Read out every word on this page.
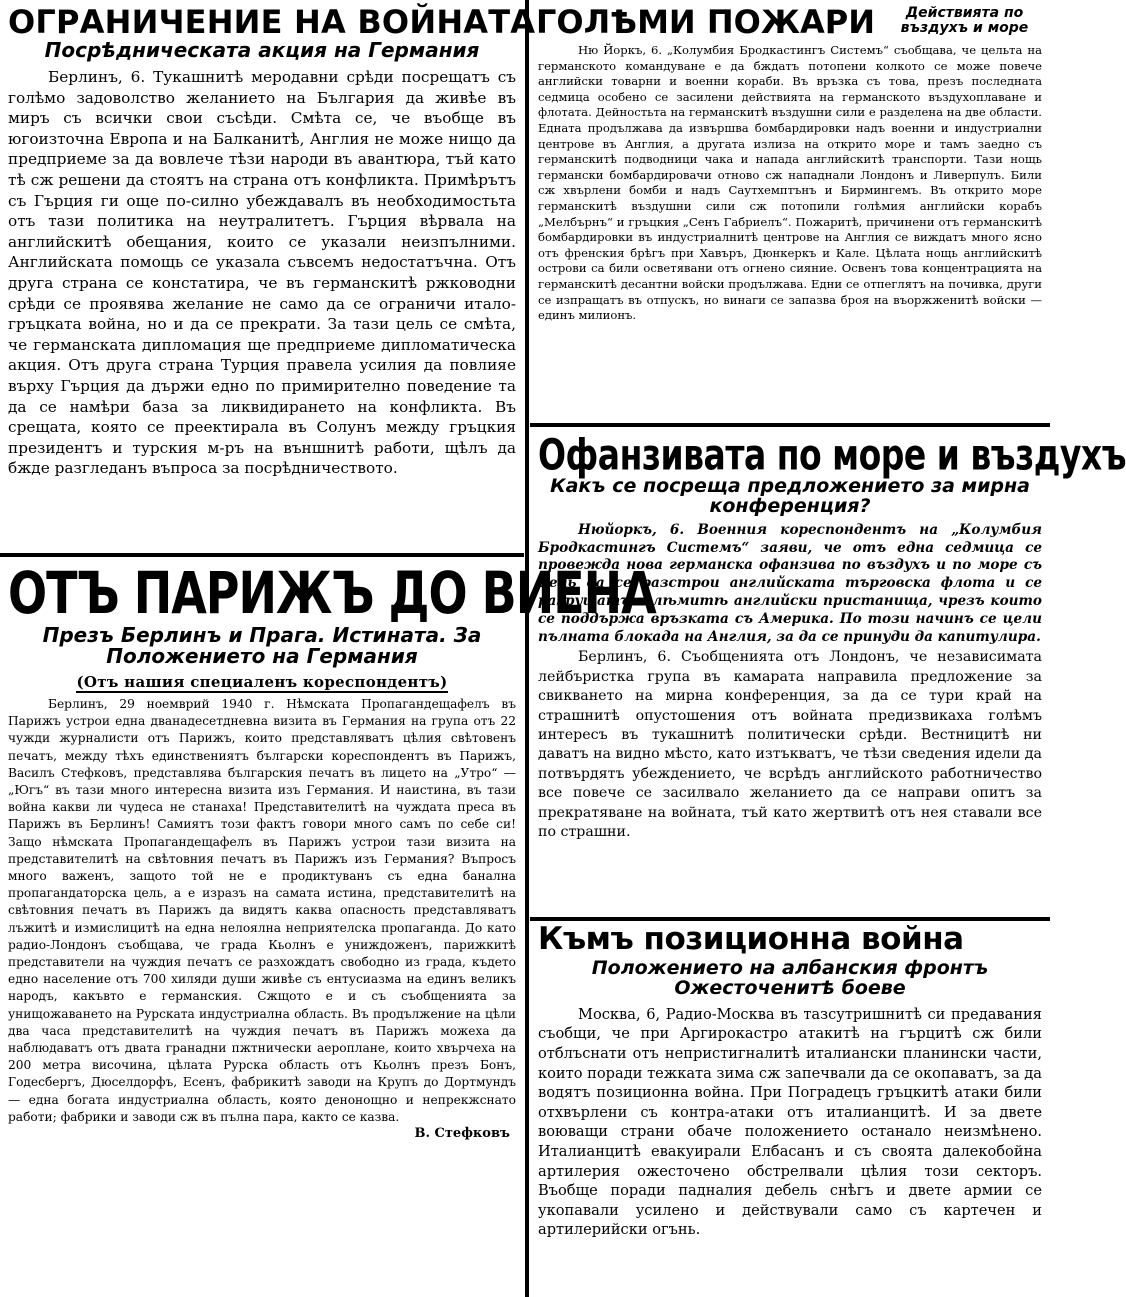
ОГРАНИЧЕНИЕ НА ВОЙНАТА
Посрѣдническата акция на Германия

Берлинъ, 6. Тукашнитѣ меродавни срѣди посрещатъ съ голѣмо задоволство желанието на България да живѣе въ миръ съ всички свои съсѣди. Смѣта се, че въобще въ югоизточна Европа и на Балканитѣ, Англия не може нищо да предприеме за да вовлече тѣзи народи въ авантюра, тъй като тѣ сж решени да стоятъ на страна отъ конфликта. Примѣрътъ съ Гърция ги още по-силно убеждавалъ въ необходимостьта отъ тази политика на неутралитетъ. Гърция вѣрвала на английскитѣ обещания, които се указали неизпълними. Английската помощь се указала съвсемъ недостатъчна. Отъ друга страна се констатира, че въ германскитѣ ржководни срѣди се проявява желание не само да се ограничи итало-гръцката война, но и да се прекрати. За тази цель се смѣта, че германската дипломация ще предприеме дипломатическа акция. Отъ друга страна Турция правела усилия да повлияе върху Гърция да държи едно по примирително поведение та да се намѣри база за ликвидирането на конфликта. Въ срещата, която се преектирала въ Солунъ между гръцкия президентъ и турския м-ръ на външнитѣ работи, щѣлъ да бжде разгледанъ въпроса за посрѣдничеството.

ОТЪ ПАРИЖЪ ДО ВИЕНА
Презъ Берлинъ и Прага. Истината. За Положението на Германия

(Отъ нашия специаленъ кореспондентъ)

Берлинъ, 29 ноемврий 1940 г. Нѣмската Пропагандещафелъ въ Парижъ устрои една дванадесетдневна визита въ Германия на група отъ 22 чужди журналисти отъ Парижъ, които представляватъ цѣлия свѣтовенъ печатъ, между тѣхъ единствениятъ български кореспондентъ въ Парижъ, Василъ Стефковъ, представлява българския печатъ въ лицето на „Утро“ — „Югъ“ въ тази много интересна визита изъ Германия. И наистина, въ тази война какви ли чудеса не станаха! Представителитѣ на чуждата преса въ Парижъ въ Берлинъ! Самиятъ този фактъ говори много самъ по себе си! Защо нѣмската Пропагандещафелъ въ Парижъ устрои тази визита на представителитѣ на свѣтовния печатъ въ Парижъ изъ Германия? Въпросъ много важенъ, защото той не е продиктуванъ съ една банална пропагандаторска цель, а е изразъ на самата истина, представителитѣ на свѣтовния печатъ въ Парижъ да видятъ каква опасность представляватъ лъжитѣ и измислицитѣ на една нелоялна неприятелска пропаганда. До като радио-Лондонъ съобщава, че града Кьолнъ е униждоженъ, парижкитѣ представители на чуждия печатъ се разхождатъ свободно из града, където едно население отъ 700 хиляди души живѣе съ ентусиазма на единъ великъ народъ, какъвто е германския. Сжщото е и съ съобщенията за унищожаването на Рурската индустриална область. Въ продължение на цѣли два часа представителитѣ на чуждия печатъ въ Парижъ можеха да наблюдаватъ отъ двата гранадни пжтнически аероплане, които хвърчеха на 200 метра височина, цѣлата Рурска область отъ Кьолнъ презъ Бонъ, Годесбергъ, Дюселдорфъ, Есенъ, фабрикитѣ заводи на Крупъ до Дортмундъ — една богата индустриална область, която денонощно и непрекжснато работи; фабрики и заводи сж въ пълна пара, както се казва.

В. Стефковъ
ГОЛѢМИ ПОЖАРИ	Действията по въздухъ и море

Ню Йоркъ, 6. „Колумбия Бродкастингъ Системъ“ съобщава, че цельта на германското командуване е да бждатъ потопени колкото се може повече английски товарни и военни кораби. Въ връзка съ това, презъ последната седмица особено се засилени действията на германското въздухоплаване и флотата. Дейностьта на германскитѣ въздушни сили е разделена на две области. Едната продължава да извършва бомбардировки надъ военни и индустриални центрове въ Англия, а другата излиза на открито море и тамъ заедно съ германскитѣ подводници чака и напада английскитѣ транспорти. Тази нощь германски бомбардировачи отново сж нападнали Лондонъ и Ливерпулъ. Били сж хвърлени бомби и надъ Саутхемптънъ и Бирмингемъ. Въ открито море германскитѣ въздушни сили сж потопили голѣмия английски корабъ „Мелбърнъ“ и гръцкия „Сенъ Габриелъ“. Пожаритѣ, причинени отъ германскитѣ бомбардировки въ индустриалнитѣ центрове на Англия се виждатъ много ясно отъ френския брѣгъ при Хавъръ, Дюнкеркъ и Кале. Цѣлата нощь английскитѣ острови са били осветявани отъ огнено сияние. Освенъ това концентрацията на германскитѣ десантни войски продължава. Едни се отпеглятъ на почивка, други се изпращатъ въ отпускъ, но винаги се запазва броя на въоржженитѣ войски — единъ милионъ.

Офанзивата по море и въздухъ
Какъ се посреща предложението за мирна конференция?

Нюйоркъ, 6. Военния кореспондентъ на „Колумбия Бродкастингъ Системъ“ заяви, че отъ една седмица се провежда нова германска офанзива по въздухъ и по море съ цель да се разстрои английската търговска флота и се разрушатъ голѣмитѣ английски пристанища, чрезъ които се поддържа връзката съ Америка. По този начинъ се цели пълната блокада на Англия, за да се принуди да капитулира.

Берлинъ, 6. Съобщенията отъ Лондонъ, че независимата лейбъристка група въ камарата направила предложение за свикването на мирна конференция, за да се тури край на страшнитѣ опустошения отъ войната предизвикаха голѣмъ интересъ въ тукашнитѣ политически срѣди. Вестницитѣ ни даватъ на видно мѣсто, като изтъкватъ, че тѣзи сведения идели да потвърдятъ убеждението, че всрѣдъ английското работничество все повече се засилвало желанието да се направи опитъ за прекратяване на войната, тъй като жертвитѣ отъ нея ставали все по страшни.

Къмъ позиционна война
Положението на албанския фронтъ Ожесточенитѣ боеве

Москва, 6, Радио-Москва въ тазсутришнитѣ си предавания съобщи, че при Аргирокастро атакитѣ на гърцитѣ сж били отблъснати отъ непристигналитѣ италиански планински части, които поради тежката зима сж запечвали да се окопаватъ, за да водятъ позиционна война. При Поградецъ гръцкитѣ атаки били отхвърлени съ контра-атаки отъ италианцитѣ. И за двете воюващи страни обаче положението останало неизмѣнено. Италианцитѣ евакуирали Елбасанъ и съ своята далекобойна артилерия ожесточено обстрелвали цѣлия този секторъ. Въобще поради падналия дебель снѣгъ и двете армии се укопавали усилено и действували само съ картечен и артилерийски огънь.
